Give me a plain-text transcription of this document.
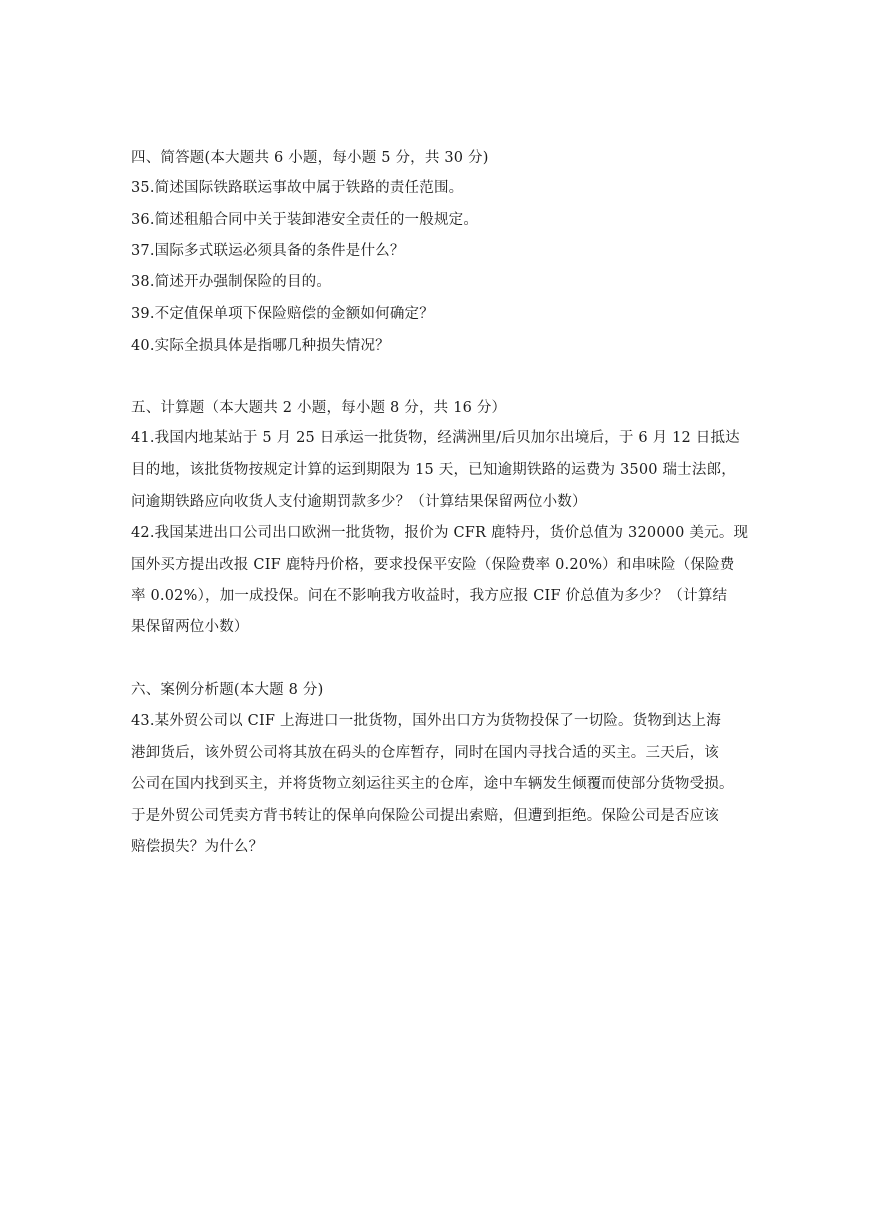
四、简答题(本大题共 6 小题，每小题 5 分，共 30 分)
35.简述国际铁路联运事故中属于铁路的责任范围。
36.简述租船合同中关于装卸港安全责任的一般规定。
37.国际多式联运必须具备的条件是什么？
38.简述开办强制保险的目的。
39.不定值保单项下保险赔偿的金额如何确定？
40.实际全损具体是指哪几种损失情况？
五、计算题（本大题共 2 小题，每小题 8 分，共 16 分）
41.我国内地某站于 5 月 25 日承运一批货物，经满洲里/后贝加尔出境后，于 6 月 12 日抵达
目的地，该批货物按规定计算的运到期限为 15 天，已知逾期铁路的运费为 3500 瑞士法郎，
问逾期铁路应向收货人支付逾期罚款多少？（计算结果保留两位小数）
42.我国某进出口公司出口欧洲一批货物，报价为 CFR 鹿特丹，货价总值为 320000 美元。现
国外买方提出改报 CIF 鹿特丹价格，要求投保平安险（保险费率 0.20%）和串味险（保险费
率 0.02%），加一成投保。问在不影响我方收益时，我方应报 CIF 价总值为多少？（计算结
果保留两位小数）
六、案例分析题(本大题 8 分)
43.某外贸公司以 CIF 上海进口一批货物，国外出口方为货物投保了一切险。货物到达上海
港卸货后，该外贸公司将其放在码头的仓库暂存，同时在国内寻找合适的买主。三天后，该
公司在国内找到买主，并将货物立刻运往买主的仓库，途中车辆发生倾覆而使部分货物受损。
于是外贸公司凭卖方背书转让的保单向保险公司提出索赔，但遭到拒绝。保险公司是否应该
赔偿损失？为什么？
